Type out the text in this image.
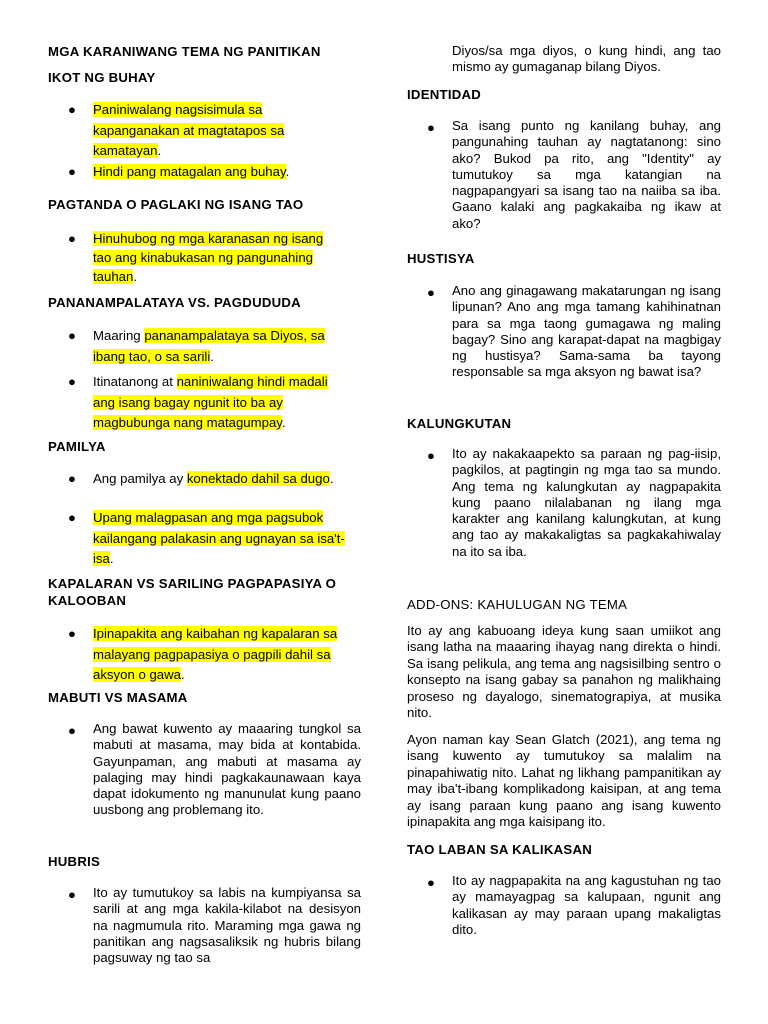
MGA KARANIWANG TEMA NG PANITIKAN
IKOT NG BUHAY
● Paniniwalang nagsisimula sa kapanganakan at magtatapos sa kamatayan.
● Hindi pang matagalan ang buhay.
PAGTANDA O PAGLAKI NG ISANG TAO
● Hinuhubog ng mga karanasan ng isang tao ang kinabukasan ng pangunahing tauhan.
PANANAMPALATAYA VS. PAGDUDUDA
● Maaring pananampalataya sa Diyos, sa ibang tao, o sa sarili.
● Itinatanong at naniniwalang hindi madali ang isang bagay ngunit ito ba ay magbubunga nang matagumpay.
PAMILYA
● Ang pamilya ay konektado dahil sa dugo.
● Upang malagpasan ang mga pagsubok kailangang palakasin ang ugnayan sa isa't-isa.
KAPALARAN VS SARILING PAGPAPASIYA O KALOOBAN
● Ipinapakita ang kaibahan ng kapalaran sa malayang pagpapasiya o pagpili dahil sa aksyon o gawa.
MABUTI VS MASAMA
● Ang bawat kuwento ay maaaring tungkol sa mabuti at masama, may bida at kontabida. Gayunpaman, ang mabuti at masama ay palaging may hindi pagkakaunawaan kaya dapat idokumento ng manunulat kung paano uusbong ang problemang ito.
HUBRIS
● Ito ay tumutukoy sa labis na kumpiyansa sa sarili at ang mga kakila-kilabot na desisyon na nagmumula rito. Maraming mga gawa ng panitikan ang nagsasaliksik ng hubris bilang pagsuway ng tao sa
Diyos/sa mga diyos, o kung hindi, ang tao mismo ay gumaganap bilang Diyos.
IDENTIDAD
● Sa isang punto ng kanilang buhay, ang pangunahing tauhan ay nagtatanong: sino ako? Bukod pa rito, ang "Identity" ay tumutukoy sa mga katangian na nagpapangyari sa isang tao na naiiba sa iba. Gaano kalaki ang pagkakaiba ng ikaw at ako?
HUSTISYA
● Ano ang ginagawang makatarungan ng isang lipunan? Ano ang mga tamang kahihinatnan para sa mga taong gumagawa ng maling bagay? Sino ang karapat-dapat na magbigay ng hustisya? Sama-sama ba tayong responsable sa mga aksyon ng bawat isa?
KALUNGKUTAN
● Ito ay nakakaapekto sa paraan ng pag-iisip, pagkilos, at pagtingin ng mga tao sa mundo. Ang tema ng kalungkutan ay nagpapakita kung paano nilalabanan ng ilang mga karakter ang kanilang kalungkutan, at kung ang tao ay makakaligtas sa pagkakahiwalay na ito sa iba.
ADD-ONS: KAHULUGAN NG TEMA
Ito ay ang kabuoang ideya kung saan umiikot ang isang latha na maaaring ihayag nang direkta o hindi. Sa isang pelikula, ang tema ang nagsisilbing sentro o konsepto na isang gabay sa panahon ng malikhaing proseso ng dayalogo, sinematograpiya, at musika nito.
Ayon naman kay Sean Glatch (2021), ang tema ng isang kuwento ay tumutukoy sa malalim na pinapahiwatig nito. Lahat ng likhang pampanitikan ay may iba't-ibang komplikadong kaisipan, at ang tema ay isang paraan kung paano ang isang kuwento ipinapakita ang mga kaisipang ito.
TAO LABAN SA KALIKASAN
● Ito ay nagpapakita na ang kagustuhan ng tao ay mamayagpag sa kalupaan, ngunit ang kalikasan ay may paraan upang makaligtas dito.
